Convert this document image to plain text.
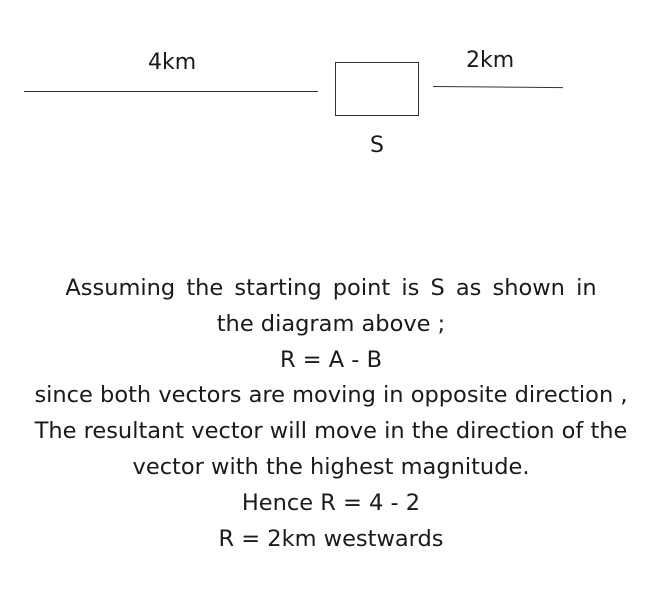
4km
S
2km
Assuming the starting point is S as shown in
the diagram above ;
R = A - B
since both vectors are moving in opposite direction ,
The resultant vector will move in the direction of the
vector with the highest magnitude.
Hence R = 4 - 2
R = 2km westwards
